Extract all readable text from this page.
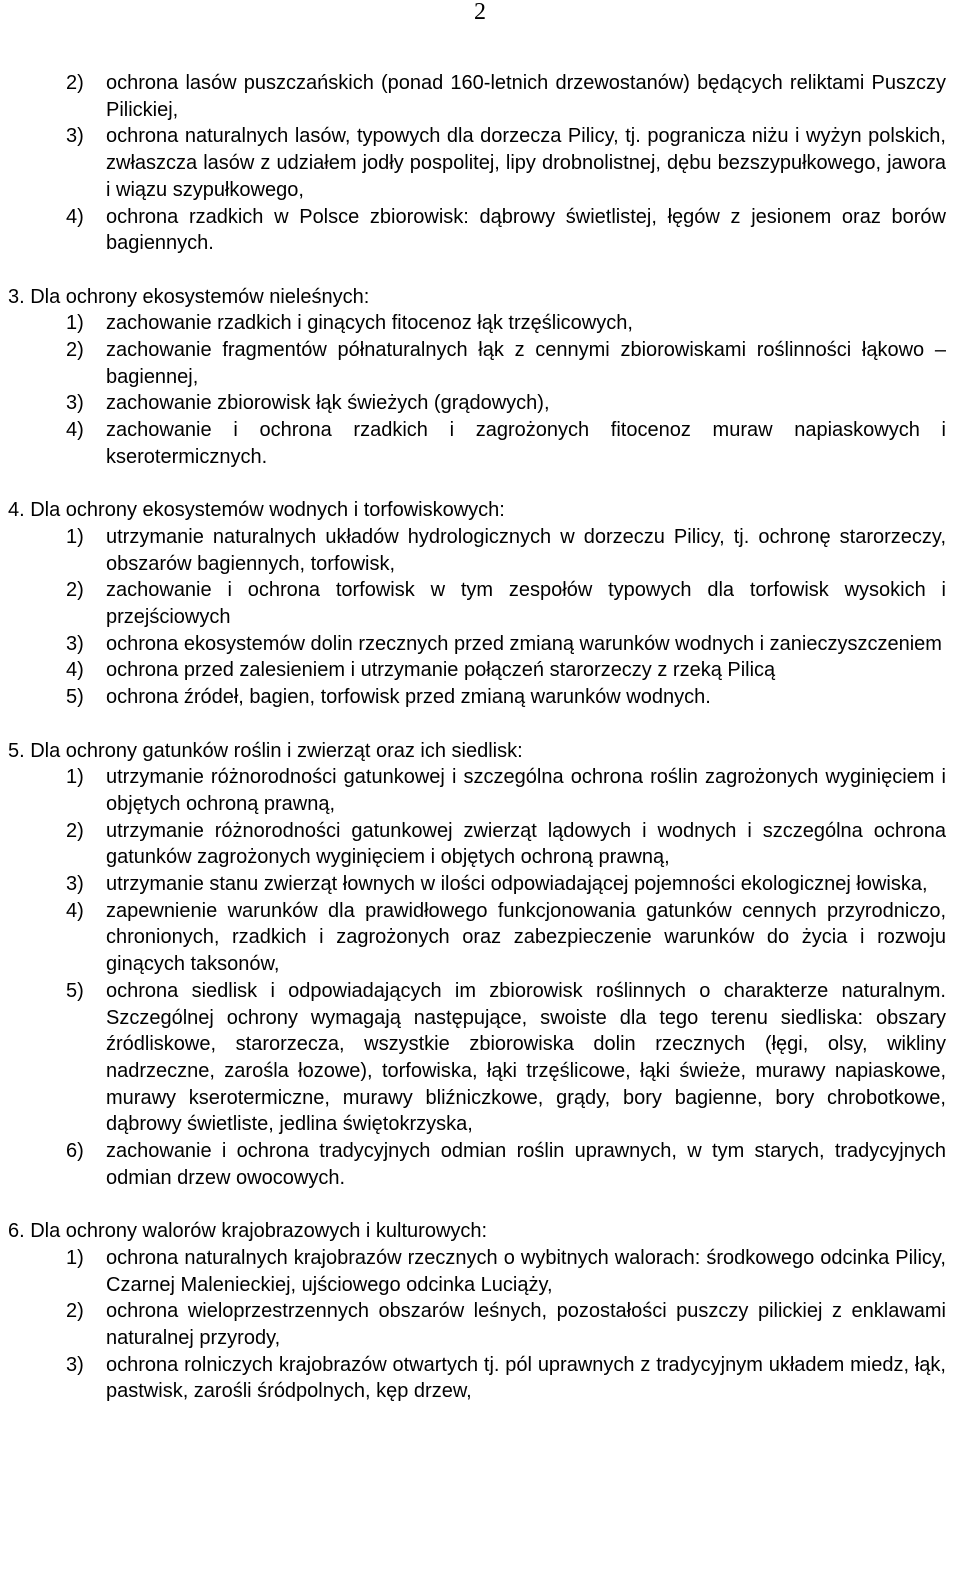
2
2)	ochrona lasów puszczańskich (ponad 160-letnich drzewostanów) będących reliktami Puszczy Pilickiej,
3)	ochrona naturalnych lasów, typowych dla dorzecza Pilicy, tj. pogranicza niżu i wyżyn polskich, zwłaszcza lasów z udziałem jodły pospolitej, lipy drobnolistnej, dębu bezszypułkowego, jawora i wiązu szypułkowego,
4)	ochrona rzadkich w Polsce zbiorowisk: dąbrowy świetlistej, łęgów z jesionem oraz borów bagiennych.
3. Dla ochrony ekosystemów nieleśnych:
1)	zachowanie rzadkich i ginących fitocenoz łąk trzęślicowych,
2)	zachowanie fragmentów półnaturalnych łąk z cennymi zbiorowiskami roślinności łąkowo – bagiennej,
3)	zachowanie zbiorowisk łąk świeżych (grądowych),
4)	zachowanie i ochrona rzadkich i zagrożonych fitocenoz muraw napiaskowych i kserotermicznych.
4. Dla ochrony ekosystemów wodnych i torfowiskowych:
1)	utrzymanie naturalnych układów hydrologicznych w dorzeczu Pilicy, tj. ochronę starorzeczy, obszarów bagiennych, torfowisk,
2)	zachowanie i ochrona torfowisk w tym zespołów typowych dla torfowisk wysokich i przejściowych
3)	ochrona ekosystemów dolin rzecznych przed zmianą warunków wodnych i zanieczyszczeniem
4)	ochrona przed zalesieniem i utrzymanie połączeń starorzeczy z rzeką Pilicą
5)	ochrona źródeł, bagien, torfowisk przed zmianą warunków wodnych.
5. Dla ochrony gatunków roślin i zwierząt oraz ich siedlisk:
1)	utrzymanie różnorodności gatunkowej i szczególna ochrona roślin zagrożonych wyginięciem i objętych ochroną prawną,
2)	utrzymanie różnorodności gatunkowej zwierząt lądowych i wodnych i szczególna ochrona gatunków zagrożonych wyginięciem i objętych ochroną prawną,
3)	utrzymanie stanu zwierząt łownych w ilości odpowiadającej pojemności ekologicznej łowiska,
4)	zapewnienie warunków dla prawidłowego funkcjonowania gatunków cennych przyrodniczo, chronionych, rzadkich i zagrożonych oraz zabezpieczenie warunków do życia i rozwoju ginących taksonów,
5)	ochrona siedlisk i odpowiadających im zbiorowisk roślinnych o charakterze naturalnym. Szczególnej ochrony wymagają następujące, swoiste dla tego terenu siedliska: obszary źródliskowe, starorzecza, wszystkie zbiorowiska dolin rzecznych (łęgi, olsy, wikliny nadrzeczne, zarośla łozowe), torfowiska, łąki trzęślicowe, łąki świeże, murawy napiaskowe, murawy kserotermiczne, murawy bliźniczkowe, grądy, bory bagienne, bory chrobotkowe, dąbrowy świetliste, jedlina świętokrzyska,
6)	zachowanie i ochrona tradycyjnych odmian roślin uprawnych, w tym starych, tradycyjnych odmian drzew owocowych.
6. Dla ochrony walorów krajobrazowych i kulturowych:
1)	ochrona naturalnych krajobrazów rzecznych o wybitnych walorach: środkowego odcinka Pilicy, Czarnej Malenieckiej, ujściowego odcinka Luciąży,
2)	ochrona wieloprzestrzennych obszarów leśnych, pozostałości puszczy pilickiej z enklawami naturalnej przyrody,
3)	ochrona rolniczych krajobrazów otwartych tj. pól uprawnych z tradycyjnym układem miedz, łąk, pastwisk, zarośli śródpolnych, kęp drzew,
